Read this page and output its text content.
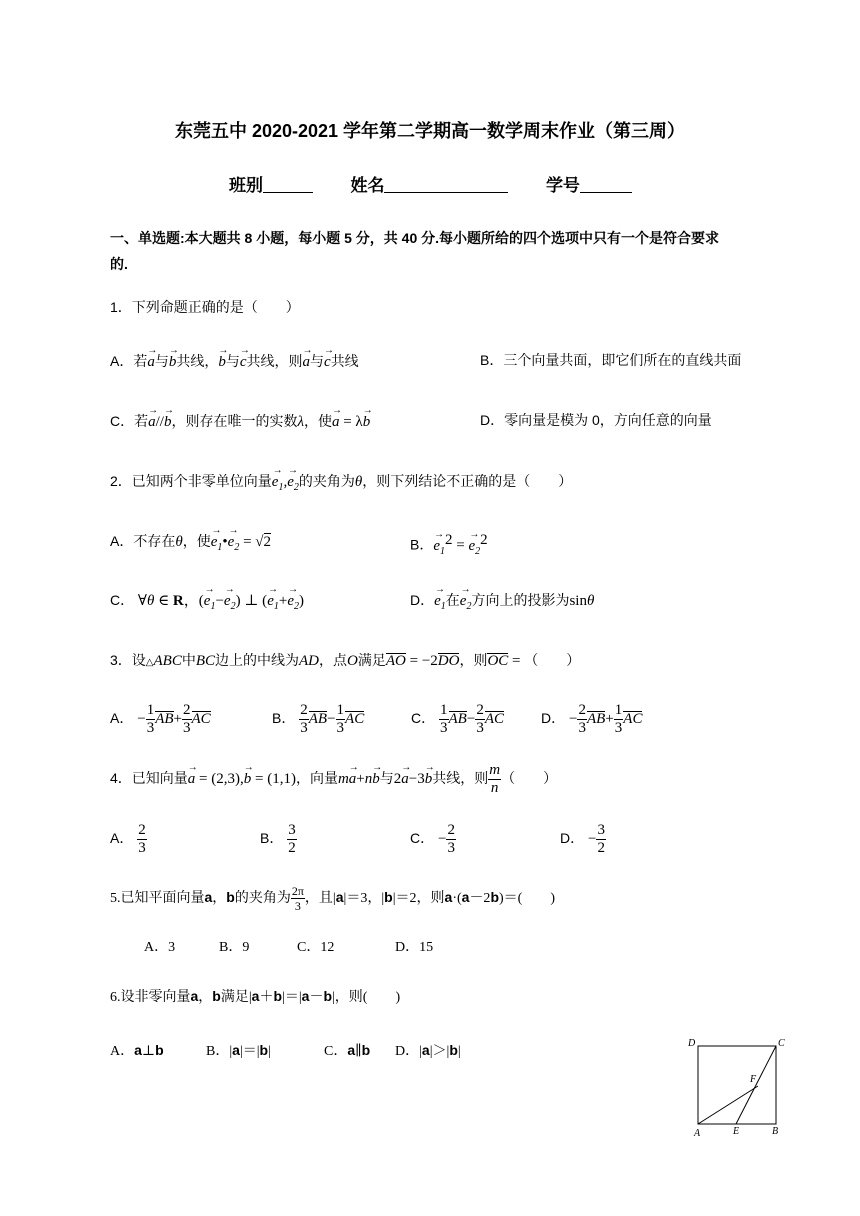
东莞五中 2020-2021 学年第二学期高一数学周末作业（第三周）
班别	姓名	学号
一、单选题:本大题共 8 小题，每小题 5 分，共 40 分.每小题所给的四个选项中只有一个是符合要求
的.
1．下列命题正确的是（　　）
A．若→ a与→ b共线，→ b与→ c共线，则→ a与→ c共线	B．三个向量共面，即它们所在的直线共面
C．若→ a//→ b，则存在唯一的实数λ，使→ a = λ→ b	D．零向量是模为 0，方向任意的向量
2．已知两个非零单位向量→ $e_1,\to e_2$的夹角为θ，则下列结论不正确的是（　　）
A．不存在θ，使→ $e_1•\to e_2 = √2$	B．→ $e_1^2$ = → $e_2^2$
C． ∀θ ∈ R，(→ $e_1-\to e_2$) ⊥ (→ $e_1+\to e_2$)	D．→ $e_1$在→ $e_2$方向上的投影为sinθ
3．设△ABC中BC边上的中线为AD，点O满足AO = −2DO，则OC = （　　）
A． − $\frac{1}{3} AB+ \frac{2}{3}$ AC	B． $\frac{2}{3} AB- \frac{1}{3}$ AC	C． $\frac{1}{3} AB- \frac{2}{3}$ AC	D． − $\frac{2}{3} AB+ \frac{1}{3}$ AC
4．已知向量→ a = (2,3),→ b = (1,1)，向量m→ a+n→ b与2→ a−3→ b共线，则 $\frac{m}{n}$ （　　）
A． $\frac{2}{3}$	B． $\frac{3}{2}$	C． − $\frac{2}{3}$	D． − $\frac{3}{2}$
5.已知平面向量a，b的夹角为 $\frac{2\pi}{3}$ ，且|a|＝3，|b|＝2，则a·(a－2b)＝(　　)
A．3	B．9	C．12	D．15
6.设非零向量a，b满足|a＋b|＝|a－b|，则(　　)
A．a⊥b	B．|a|＝|b|	C．a∥b D．|a|＞|b|
D	C
F
A	E	B
